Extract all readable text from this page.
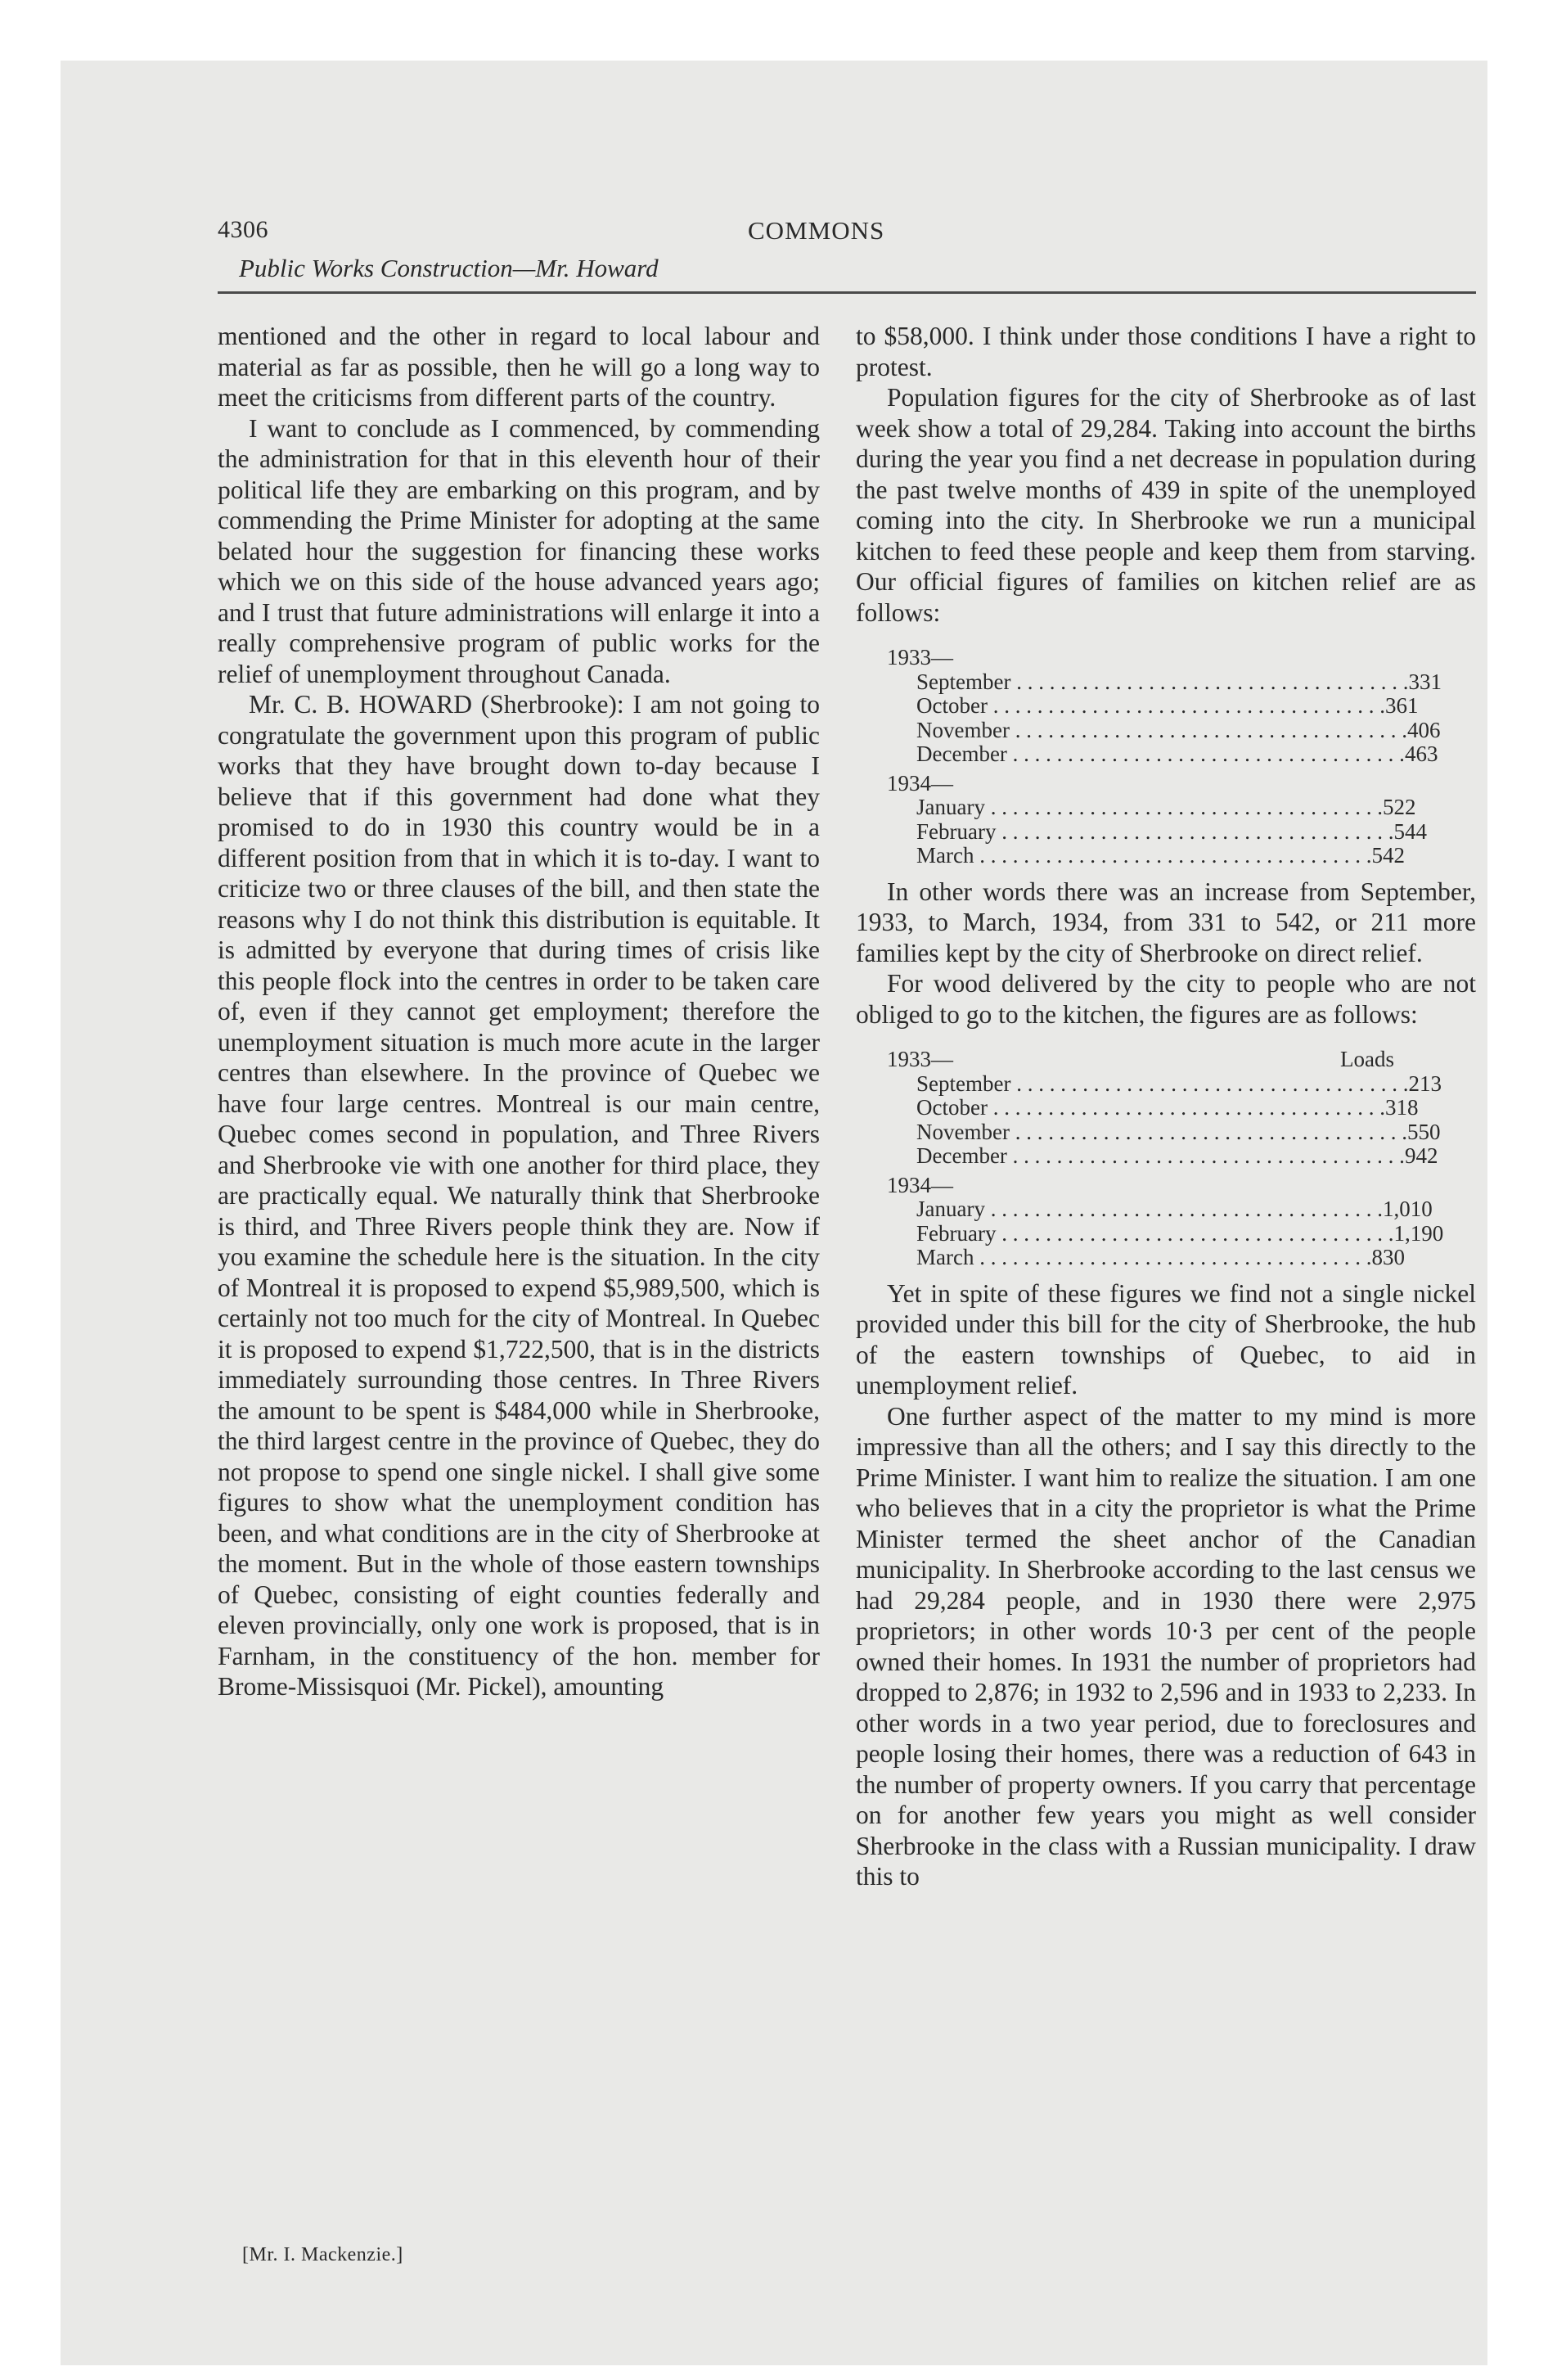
4306	COMMONS
Public Works Construction—Mr. Howard

mentioned and the other in regard to local labour and material as far as possible, then he will go a long way to meet the criticisms from different parts of the country.

I want to conclude as I commenced, by commending the administration for that in this eleventh hour of their political life they are embarking on this program, and by commending the Prime Minister for adopting at the same belated hour the suggestion for financing these works which we on this side of the house advanced years ago; and I trust that future administrations will enlarge it into a really comprehensive program of public works for the relief of unemployment throughout Canada.

Mr. C. B. HOWARD (Sherbrooke): I am not going to congratulate the government upon this program of public works that they have brought down to-day because I believe that if this government had done what they promised to do in 1930 this country would be in a different position from that in which it is to-day. I want to criticize two or three clauses of the bill, and then state the reasons why I do not think this distribution is equitable. It is admitted by everyone that during times of crisis like this people flock into the centres in order to be taken care of, even if they cannot get employment; therefore the unemployment situation is much more acute in the larger centres than elsewhere. In the province of Quebec we have four large centres. Montreal is our main centre, Quebec comes second in population, and Three Rivers and Sherbrooke vie with one another for third place, they are practically equal. We naturally think that Sherbrooke is third, and Three Rivers people think they are. Now if you examine the schedule here is the situation. In the city of Montreal it is proposed to expend $5,989,500, which is certainly not too much for the city of Montreal. In Quebec it is proposed to expend $1,722,500, that is in the districts immediately surrounding those centres. In Three Rivers the amount to be spent is $484,000 while in Sherbrooke, the third largest centre in the province of Quebec, they do not propose to spend one single nickel. I shall give some figures to show what the unemployment condition has been, and what conditions are in the city of Sherbrooke at the moment. But in the whole of those eastern townships of Quebec, consisting of eight counties federally and eleven provincially, only one work is proposed, that is in Farnham, in the constituency of the hon. member for Brome-Missisquoi (Mr. Pickel), amounting

to $58,000. I think under those conditions I have a right to protest.

Population figures for the city of Sherbrooke as of last week show a total of 29,284. Taking into account the births during the year you find a net decrease in population during the past twelve months of 439 in spite of the unemployed coming into the city. In Sherbrooke we run a municipal kitchen to feed these people and keep them from starving. Our official figures of families on kitchen relief are as follows:

1933—
September . . . . . . . . . . . . . . . . . . . . . . . . . . . . . . . . . . . . 331
October . . . . . . . . . . . . . . . . . . . . . . . . . . . . . . . . . . . . 361
November . . . . . . . . . . . . . . . . . . . . . . . . . . . . . . . . . . . . 406
December . . . . . . . . . . . . . . . . . . . . . . . . . . . . . . . . . . . . 463
1934—
January . . . . . . . . . . . . . . . . . . . . . . . . . . . . . . . . . . . . 522
February . . . . . . . . . . . . . . . . . . . . . . . . . . . . . . . . . . . . 544
March . . . . . . . . . . . . . . . . . . . . . . . . . . . . . . . . . . . . 542

In other words there was an increase from September, 1933, to March, 1934, from 331 to 542, or 211 more families kept by the city of Sherbrooke on direct relief.

For wood delivered by the city to people who are not obliged to go to the kitchen, the figures are as follows:

1933—	Loads
September . . . . . . . . . . . . . . . . . . . . . . . . . . . . . . . . . . . . 213
October . . . . . . . . . . . . . . . . . . . . . . . . . . . . . . . . . . . . 318
November . . . . . . . . . . . . . . . . . . . . . . . . . . . . . . . . . . . . 550
December . . . . . . . . . . . . . . . . . . . . . . . . . . . . . . . . . . . . 942
1934—
January . . . . . . . . . . . . . . . . . . . . . . . . . . . . . . . . . . . . 1,010
February . . . . . . . . . . . . . . . . . . . . . . . . . . . . . . . . . . . . 1,190
March . . . . . . . . . . . . . . . . . . . . . . . . . . . . . . . . . . . . 830

Yet in spite of these figures we find not a single nickel provided under this bill for the city of Sherbrooke, the hub of the eastern townships of Quebec, to aid in unemployment relief.

One further aspect of the matter to my mind is more impressive than all the others; and I say this directly to the Prime Minister. I want him to realize the situation. I am one who believes that in a city the proprietor is what the Prime Minister termed the sheet anchor of the Canadian municipality. In Sherbrooke according to the last census we had 29,284 people, and in 1930 there were 2,975 proprietors; in other words 10·3 per cent of the people owned their homes. In 1931 the number of proprietors had dropped to 2,876; in 1932 to 2,596 and in 1933 to 2,233. In other words in a two year period, due to foreclosures and people losing their homes, there was a reduction of 643 in the number of property owners. If you carry that percentage on for another few years you might as well consider Sherbrooke in the class with a Russian municipality. I draw this to

[Mr. I. Mackenzie.]
